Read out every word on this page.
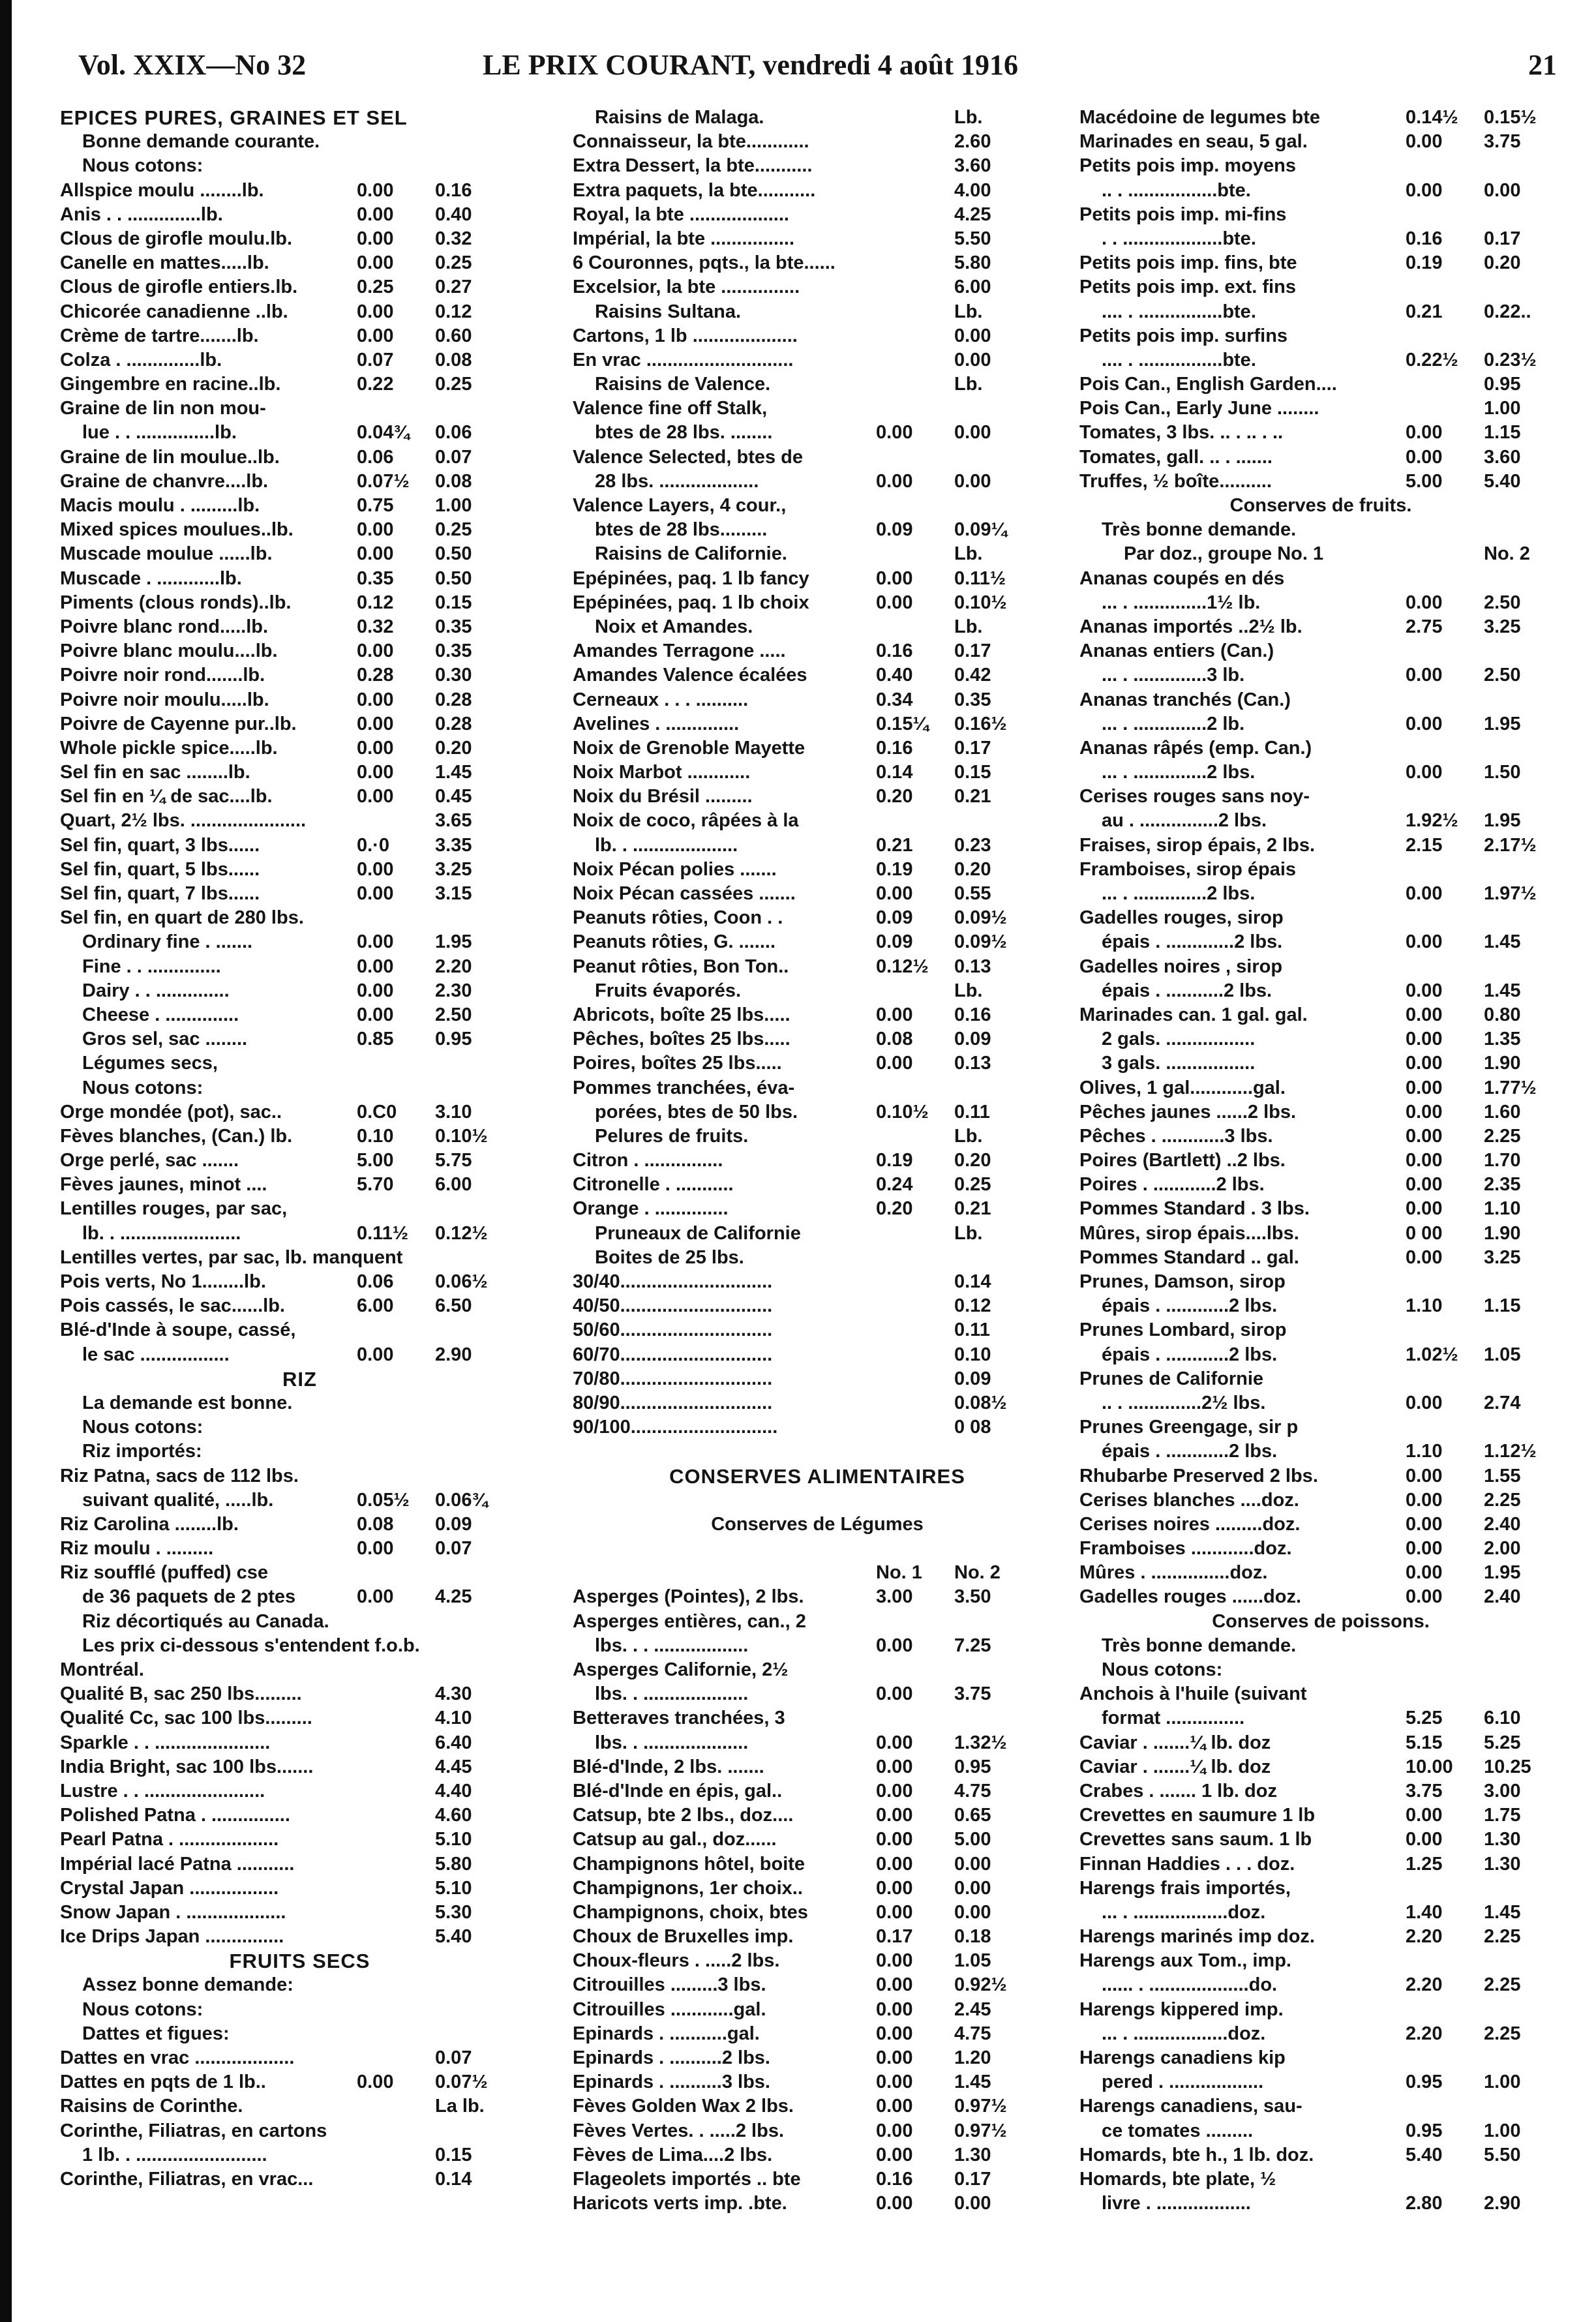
Vol. XXIX—No 32	LE PRIX COURANT, vendredi 4 août 1916	21
EPICES PURES, GRAINES ET SEL
Bonne demande courante.
Nous cotons:
Allspice moulu ........lb.	0.00 0.16
Anis . . ..............lb.	0.00 0.40
Clous de girofle moulu.lb.	0.00 0.32
Canelle en mattes.....lb.	0.00 0.25
Clous de girofle entiers.lb.	0.25 0.27
Chicorée canadienne ..lb.	0.00 0.12
Crème de tartre.......lb.	0.00 0.60
Colza . ..............lb.	0.07 0.08
Gingembre en racine..lb.	0.22 0.25
Graine de lin non mou-
lue . . ...............lb.	0.04¾ 0.06
Graine de lin moulue..lb.	0.06 0.07
Graine de chanvre....lb.	0.07½ 0.08
Macis moulu . .........lb.	0.75 1.00
Mixed spices moulues..lb.	0.00 0.25
Muscade moulue ......lb.	0.00 0.50
Muscade . ............lb.	0.35 0.50
Piments (clous ronds)..lb.	0.12 0.15
Poivre blanc rond.....lb.	0.32 0.35
Poivre blanc moulu....lb.	0.00 0.35
Poivre noir rond.......lb.	0.28 0.30
Poivre noir moulu.....lb.	0.00 0.28
Poivre de Cayenne pur..lb.	0.00 0.28
Whole pickle spice.....lb.	0.00 0.20
Sel fin en sac ........lb.	0.00 1.45
Sel fin en ¼ de sac....lb.	0.00 0.45
Quart, 2½ lbs. ......................	3.65
Sel fin, quart, 3 lbs......	0.·0 3.35
Sel fin, quart, 5 lbs......	0.00 3.25
Sel fin, quart, 7 lbs......	0.00 3.15
Sel fin, en quart de 280 lbs.
Ordinary fine . .......	0.00 1.95
Fine . . ..............	0.00 2.20
Dairy . . ..............	0.00 2.30
Cheese . ..............	0.00 2.50
Gros sel, sac ........	0.85 0.95
Légumes secs,
Nous cotons:
Orge mondée (pot), sac..	0.C0 3.10
Fèves blanches, (Can.) lb.	0.10 0.10½
Orge perlé, sac .......	5.00 5.75
Fèves jaunes, minot ....	5.70 6.00
Lentilles rouges, par sac,
lb. . .......................	0.11½ 0.12½
Lentilles vertes, par sac, lb. manquent
Pois verts, No 1........lb.	0.06 0.06½
Pois cassés, le sac......lb.	6.00 6.50
Blé-d'Inde à soupe, cassé,
le sac .................	0.00 2.90
RIZ
La demande est bonne.
Nous cotons:
Riz importés:
Riz Patna, sacs de 112 lbs.
suivant qualité, .....lb.	0.05½ 0.06¾
Riz Carolina ........lb.	0.08 0.09
Riz moulu . .........	0.00 0.07
Riz soufflé (puffed) cse
de 36 paquets de 2 ptes	0.00 4.25
Riz décortiqués au Canada.
Les prix ci-dessous s'entendent f.o.b.
Montréal.
Qualité B, sac 250 lbs.........	4.30
Qualité Cc, sac 100 lbs.........	4.10
Sparkle . . ......................	6.40
India Bright, sac 100 lbs.......	4.45
Lustre . . .......................	4.40
Polished Patna . ...............	4.60
Pearl Patna . ...................	5.10
Impérial lacé Patna ...........	5.80
Crystal Japan .................	5.10
Snow Japan . ...................	5.30
Ice Drips Japan ...............	5.40
FRUITS SECS
Assez bonne demande:
Nous cotons:
Dattes et figues:
Dattes en vrac ...................	0.07
Dattes en pqts de 1 lb..	0.00 0.07½
Raisins de Corinthe.	La lb.
Corinthe, Filiatras, en cartons
1 lb. . .........................	0.15
Corinthe, Filiatras, en vrac...	0.14
Raisins de Malaga.	Lb.
Connaisseur, la bte............	2.60
Extra Dessert, la bte...........	3.60
Extra paquets, la bte...........	4.00
Royal, la bte ...................	4.25
Impérial, la bte ................	5.50
6 Couronnes, pqts., la bte......	5.80
Excelsior, la bte ...............	6.00
Raisins Sultana.	Lb.
Cartons, 1 lb ....................	0.00
En vrac ............................	0.00
Raisins de Valence.	Lb.
Valence fine off Stalk,
btes de 28 lbs. ........	0.00 0.00
Valence Selected, btes de
28 lbs. ...................	0.00 0.00
Valence Layers, 4 cour.,
btes de 28 lbs.........	0.09 0.09¼
Raisins de Californie.	Lb.
Epépinées, paq. 1 lb fancy	0.00 0.11½
Epépinées, paq. 1 lb choix	0.00 0.10½
Noix et Amandes.	Lb.
Amandes Terragone .....	0.16 0.17
Amandes Valence écalées	0.40 0.42
Cerneaux . . . ..........	0.34 0.35
Avelines . ..............	0.15¼ 0.16½
Noix de Grenoble Mayette	0.16 0.17
Noix Marbot ............	0.14 0.15
Noix du Brésil .........	0.20 0.21
Noix de coco, râpées à la
lb. . ....................	0.21 0.23
Noix Pécan polies .......	0.19 0.20
Noix Pécan cassées .......	0.00 0.55
Peanuts rôties, Coon . .	0.09 0.09½
Peanuts rôties, G. .......	0.09 0.09½
Peanut rôties, Bon Ton..	0.12½ 0.13
Fruits évaporés.	Lb.
Abricots, boîte 25 lbs.....	0.00 0.16
Pêches, boîtes 25 lbs.....	0.08 0.09
Poires, boîtes 25 lbs.....	0.00 0.13
Pommes tranchées, éva-
porées, btes de 50 lbs.	0.10½ 0.11
Pelures de fruits.	Lb.
Citron . ...............	0.19 0.20
Citronelle . ...........	0.24 0.25
Orange . ..............	0.20 0.21
Pruneaux de Californie	Lb.
Boites de 25 lbs.
30/40.............................	0.14
40/50.............................	0.12
50/60.............................	0.11
60/70.............................	0.10
70/80.............................	0.09
80/90.............................	0.08½
90/100............................	0 08
CONSERVES ALIMENTAIRES
Conserves de Légumes
No. 1 No. 2
Asperges (Pointes), 2 lbs.	3.00 3.50
Asperges entières, can., 2
lbs. . . ..................	0.00 7.25
Asperges Californie, 2½
lbs. . ....................	0.00 3.75
Betteraves tranchées, 3
lbs. . ....................	0.00 1.32½
Blé-d'Inde, 2 lbs. .......	0.00 0.95
Blé-d'Inde en épis, gal..	0.00 4.75
Catsup, bte 2 lbs., doz....	0.00 0.65
Catsup au gal., doz......	0.00 5.00
Champignons hôtel, boite	0.00 0.00
Champignons, 1er choix..	0.00 0.00
Champignons, choix, btes	0.00 0.00
Choux de Bruxelles imp.	0.17 0.18
Choux-fleurs . .....2 lbs.	0.00 1.05
Citrouilles .........3 lbs.	0.00 0.92½
Citrouilles ............gal.	0.00 2.45
Epinards . ...........gal.	0.00 4.75
Epinards . ..........2 lbs.	0.00 1.20
Epinards . ..........3 lbs.	0.00 1.45
Fèves Golden Wax 2 lbs.	0.00 0.97½
Fèves Vertes. . .....2 lbs.	0.00 0.97½
Fèves de Lima....2 lbs.	0.00 1.30
Flageolets importés .. bte	0.16 0.17
Haricots verts imp. .bte.	0.00 0.00
Macédoine de legumes bte	0.14½ 0.15½
Marinades en seau, 5 gal.	0.00 3.75
Petits pois imp. moyens
.. . .................bte.	0.00 0.00
Petits pois imp. mi-fins
. . ...................bte.	0.16 0.17
Petits pois imp. fins, bte	0.19 0.20
Petits pois imp. ext. fins
.... . ................bte.	0.21 0.22..
Petits pois imp. surfins
.... . ................bte.	0.22½ 0.23½
Pois Can., English Garden....	0.95
Pois Can., Early June ........	1.00
Tomates, 3 lbs. .. . .. . ..	0.00 1.15
Tomates, gall. .. . .......	0.00 3.60
Truffes, ½ boîte..........	5.00 5.40
Conserves de fruits.
Très bonne demande.
Par doz., groupe No. 1	No. 2
Ananas coupés en dés
... . ..............1½ lb.	0.00 2.50
Ananas importés ..2½ lb.	2.75 3.25
Ananas entiers (Can.)
... . ..............3 lb.	0.00 2.50
Ananas tranchés (Can.)
... . ..............2 lb.	0.00 1.95
Ananas râpés (emp. Can.)
... . ..............2 lbs.	0.00 1.50
Cerises rouges sans noy-
au . ...............2 lbs.	1.92½ 1.95
Fraises, sirop épais, 2 lbs.	2.15 2.17½
Framboises, sirop épais
... . ..............2 lbs.	0.00 1.97½
Gadelles rouges, sirop
épais . .............2 lbs.	0.00 1.45
Gadelles noires , sirop
épais . ...........2 lbs.	0.00 1.45
Marinades can. 1 gal. gal.	0.00 0.80
2 gals. .................	0.00 1.35
3 gals. .................	0.00 1.90
Olives, 1 gal............gal.	0.00 1.77½
Pêches jaunes ......2 lbs.	0.00 1.60
Pêches . ............3 lbs.	0.00 2.25
Poires (Bartlett) ..2 lbs.	0.00 1.70
Poires . ............2 lbs.	0.00 2.35
Pommes Standard . 3 lbs.	0.00 1.10
Mûres, sirop épais....lbs.	0 00 1.90
Pommes Standard .. gal.	0.00 3.25
Prunes, Damson, sirop
épais . ............2 lbs.	1.10 1.15
Prunes Lombard, sirop
épais . ............2 lbs.	1.02½ 1.05
Prunes de Californie
.. . ..............2½ lbs.	0.00 2.74
Prunes Greengage, sir p
épais . ............2 lbs.	1.10 1.12½
Rhubarbe Preserved 2 lbs.	0.00 1.55
Cerises blanches ....doz.	0.00 2.25
Cerises noires .........doz.	0.00 2.40
Framboises ............doz.	0.00 2.00
Mûres . ...............doz.	0.00 1.95
Gadelles rouges ......doz.	0.00 2.40
Conserves de poissons.
Très bonne demande.
Nous cotons:
Anchois à l'huile (suivant
format ...............	5.25 6.10
Caviar . .......¼ lb. doz	5.15 5.25
Caviar . .......¼ lb. doz	10.00 10.25
Crabes . ....... 1 lb. doz	3.75 3.00
Crevettes en saumure 1 lb	0.00 1.75
Crevettes sans saum. 1 lb	0.00 1.30
Finnan Haddies . . . doz.	1.25 1.30
Harengs frais importés,
... . ..................doz.	1.40 1.45
Harengs marinés imp doz.	2.20 2.25
Harengs aux Tom., imp.
...... . ...................do.	2.20 2.25
Harengs kippered imp.
... . ..................doz.	2.20 2.25
Harengs canadiens kip
pered . ..................	0.95 1.00
Harengs canadiens, sau-
ce tomates .........	0.95 1.00
Homards, bte h., 1 lb. doz.	5.40 5.50
Homards, bte plate, ½
livre . ..................	2.80 2.90
